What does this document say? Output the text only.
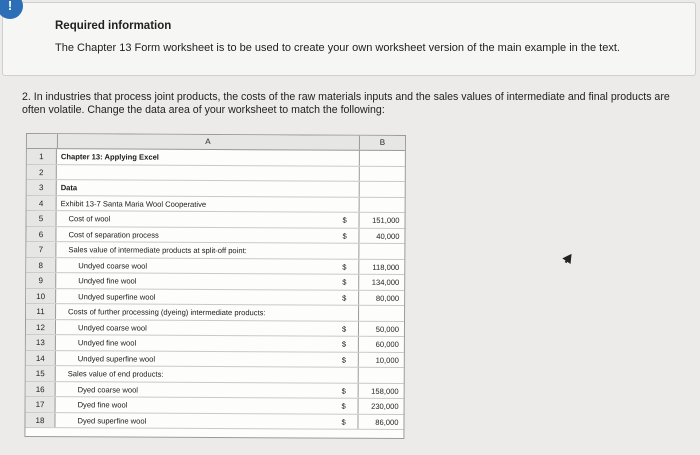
!
Required information
The Chapter 13 Form worksheet is to be used to create your own worksheet version of the main example in the text.
2. In industries that process joint products, the costs of the raw materials inputs and the sales values of intermediate and final products are often volatile. Change the data area of your worksheet to match the following:
A	B
1	Chapter 13: Applying Excel
2
3	Data
4	Exhibit 13-7 Santa Maria Wool Cooperative
5	Cost of wool	$	151,000
6	Cost of separation process	$	40,000
7	Sales value of intermediate products at split-off point:
8	Undyed coarse wool	$	118,000
9	Undyed fine wool	$	134,000
10	Undyed superfine wool	$	80,000
11	Costs of further processing (dyeing) intermediate products:
12	Undyed coarse wool	$	50,000
13	Undyed fine wool	$	60,000
14	Undyed superfine wool	$	10,000
15	Sales value of end products:
16	Dyed coarse wool	$	158,000
17	Dyed fine wool	$	230,000
18	Dyed superfine wool	$	86,000
